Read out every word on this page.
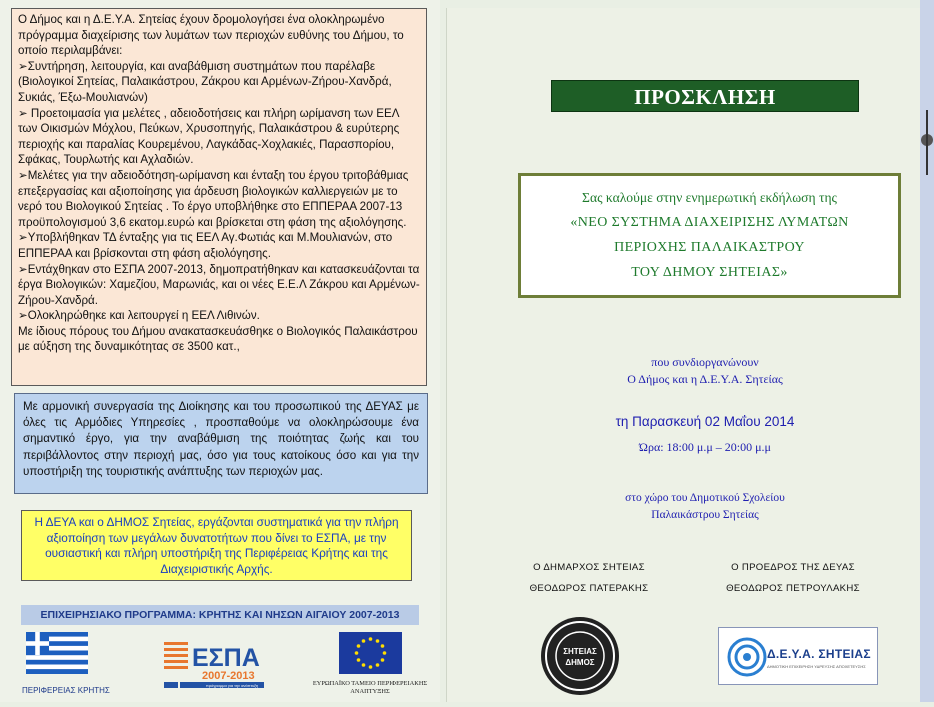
Ο Δήμος και η Δ.Ε.Υ.Α. Σητείας έχουν δρομολογήσει ένα ολοκληρωμένο πρόγραμμα διαχείρισης των λυμάτων των περιοχών ευθύνης του Δήμου, το οποίο περιλαμβάνει:

➢Συντήρηση, λειτουργία, και αναβάθμιση συστημάτων που παρέλαβε (Βιολογικοί Σητείας, Παλαικάστρου, Ζάκρου και Αρμένων-Ζήρου-Χανδρά, Συκιάς, Έξω-Μουλιανών)

➢ Προετοιμασία για μελέτες , αδειοδοτήσεις και πλήρη ωρίμανση των ΕΕΛ των Οικισμών Μόχλου, Πεύκων, Χρυσοπηγής, Παλαικάστρου & ευρύτερης περιοχής και παραλίας Κουρεμένου, Λαγκάδας-Χοχλακιές, Παρασπορίου, Σφάκας, Τουρλωτής και Αχλαδιών.

➢Μελέτες για την αδειοδότηση-ωρίμανση και ένταξη του έργου τριτοβάθμιας επεξεργασίας και αξιοποίησης για άρδευση βιολογικών καλλιεργειών με το νερό του Βιολογικού Σητείας . Το έργο υποβλήθηκε στο ΕΠΠΕΡΑΑ 2007-13 προϋπολογισμού 3,6 εκατομ.ευρώ και βρίσκεται στη φάση της αξιολόγησης.

➢Υποβλήθηκαν ΤΔ ένταξης για τις ΕΕΛ Αγ.Φωτιάς και Μ.Μουλιανών, στο ΕΠΠΕΡΑΑ και βρίσκονται στη φάση αξιολόγησης.

➢Εντάχθηκαν στο ΕΣΠΑ 2007-2013, δημοπρατήθηκαν και κατασκευάζονται τα έργα Βιολογικών: Χαμεζίου, Μαρωνιάς, και οι νέες Ε.Ε.Λ Ζάκρου και Αρμένων-Ζήρου-Χανδρά.

➢Ολοκληρώθηκε και λειτουργεί η ΕΕΛ Λιθινών.

Με ίδιους πόρους του Δήμου ανακατασκευάσθηκε ο Βιολογικός Παλαικάστρου με αύξηση της δυναμικότητας σε 3500 κατ.,

Με αρμονική συνεργασία της Διοίκησης και του προσωπικού της ΔΕΥΑΣ με όλες τις Αρμόδιες Υπηρεσίες , προσπαθούμε να ολοκληρώσουμε ένα σημαντικό έργο, για την αναβάθμιση της ποιότητας ζωής και του περιβάλλοντος στην περιοχή μας, όσο για τους κατοίκους όσο και για την υποστήριξη της τουριστικής ανάπτυξης των περιοχών μας.
Η ΔΕΥΑ και ο ΔΗΜΟΣ Σητείας, εργάζονται συστηματικά για την πλήρη αξιοποίηση των μεγάλων δυνατοτήτων που δίνει το ΕΣΠΑ, με την ουσιαστική και πλήρη υποστήριξη της Περιφέρειας Κρήτης και της Διαχειριστικής Αρχής.
ΕΠΙΧΕΙΡΗΣΙΑΚΟ ΠΡΟΓΡΑΜΜΑ: ΚΡΗΤΗΣ ΚΑΙ ΝΗΣΩΝ ΑΙΓΑΙΟΥ 2007-2013
ΠΕΡΙΦΕΡΕΙΑΣ ΚΡΗΤΗΣ
ΕΣΠΑ
2007-2013
πρόγραμμα για την ανάπτυξη	ΕΥΡΩΠΑΪΚΟ ΤΑΜΕΙΟ ΠΕΡΙΦΕΡΕΙΑΚΗΣ ΑΝΑΠΤΥΞΗΣ
ΠΡΟΣΚΛΗΣΗ
Σας καλούμε στην ενημερωτική εκδήλωση της
«ΝΕΟ ΣΥΣΤΗΜΑ ΔΙΑΧΕΙΡΙΣΗΣ ΛΥΜΑΤΩΝ
ΠΕΡΙΟΧΗΣ ΠΑΛΑΙΚΑΣΤΡΟΥ
ΤΟΥ ΔΗΜΟΥ ΣΗΤΕΙΑΣ»
που συνδιοργανώνουν
Ο Δήμος και η Δ.Ε.Υ.Α. Σητείας
τη Παρασκευή 02 Μαΐου 2014
Ώρα: 18:00 μ.μ – 20:00 μ.μ
στο χώρο του Δημοτικού Σχολείου
Παλαικάστρου Σητείας
Ο ΔΗΜΑΡΧΟΣ ΣΗΤΕΙΑΣ
ΘΕΟΔΩΡΟΣ ΠΑΤΕΡΑΚΗΣ
Ο ΠΡΟΕΔΡΟΣ ΤΗΣ ΔΕΥΑΣ
ΘΕΟΔΩΡΟΣ ΠΕΤΡΟΥΛΑΚΗΣ
ΣΗΤΕΙΑΣ
ΔΗΜΟΣ
Δ.Ε.Υ.Α. ΣΗΤΕΙΑΣ
ΔΗΜΟΤΙΚΗ ΕΠΙΧΕΙΡΗΣΗ ΥΔΡΕΥΣΗΣ ΑΠΟΧΕΤΕΥΣΗΣ
